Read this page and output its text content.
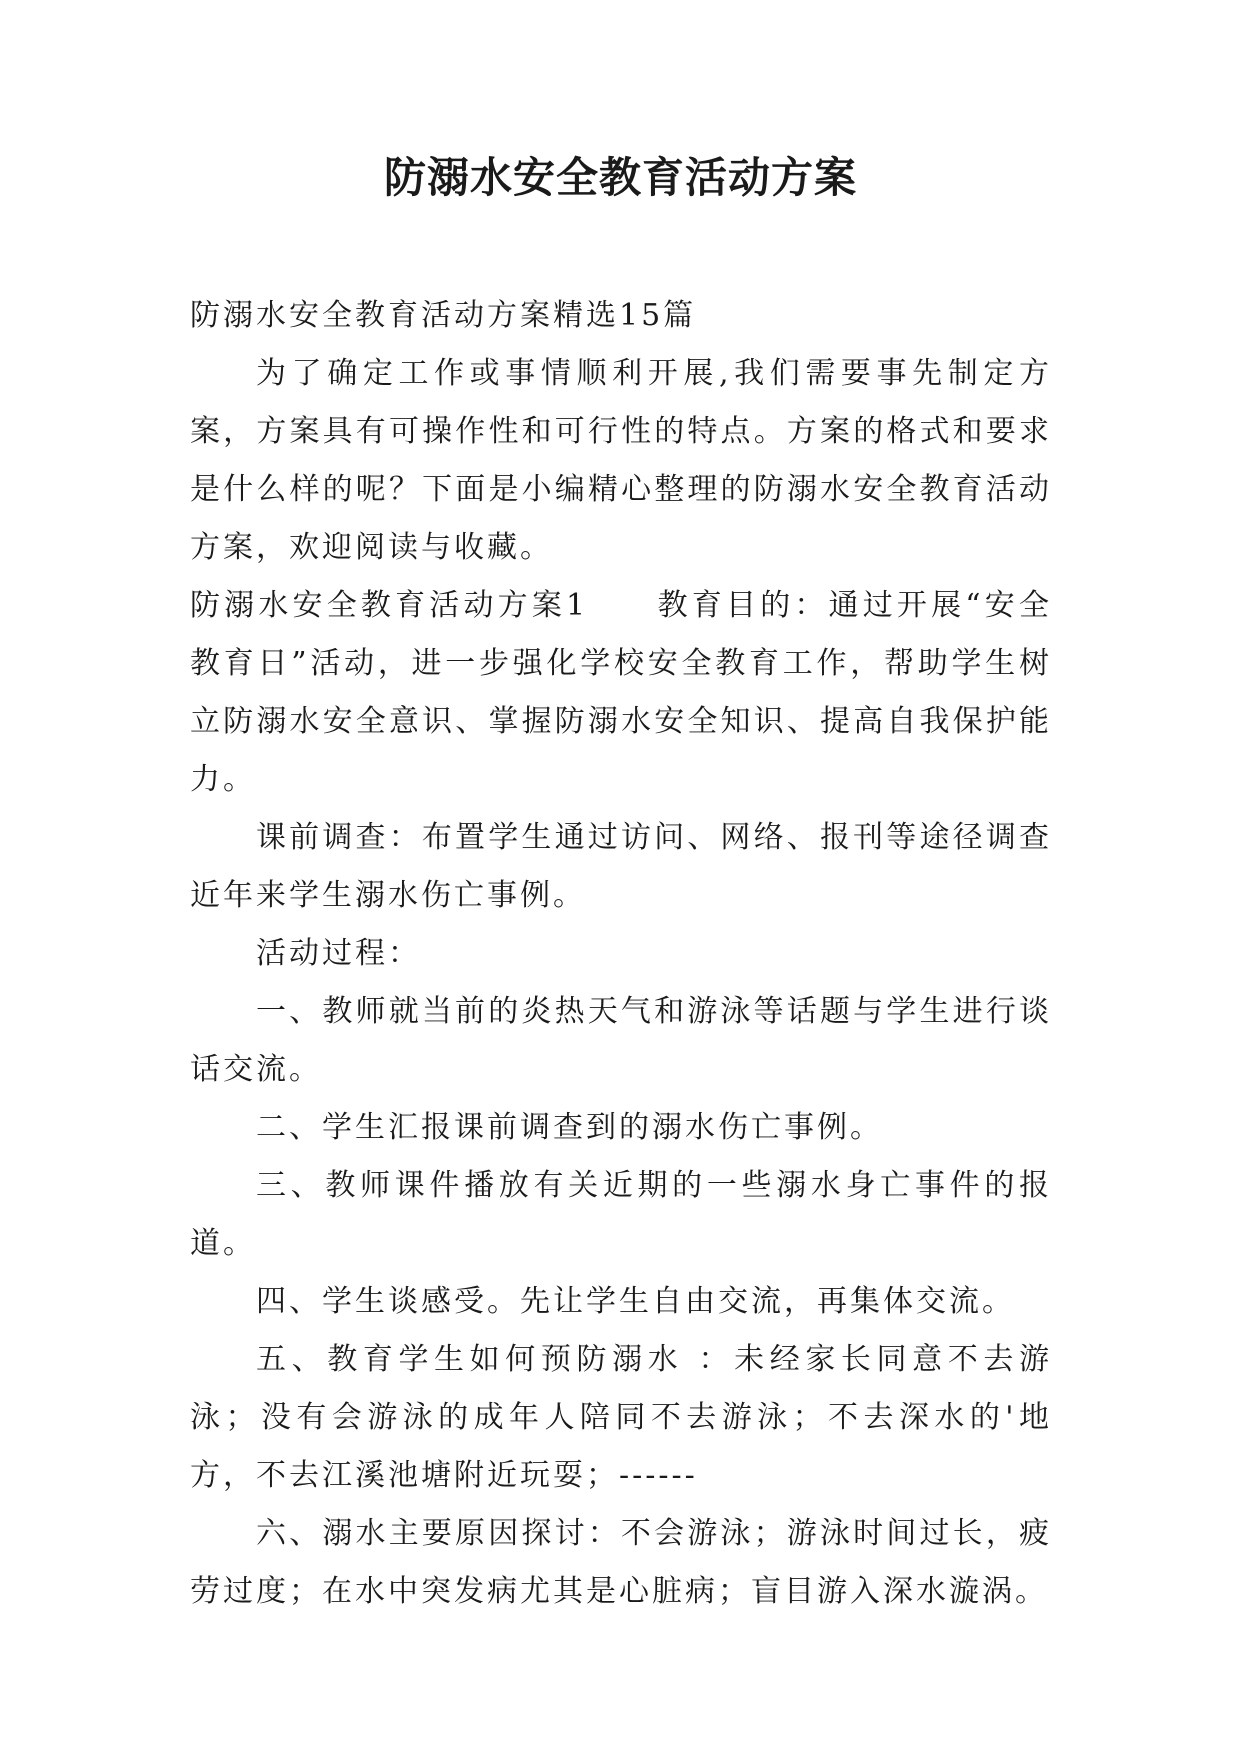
防溺水安全教育活动方案

防溺水安全教育活动方案精选15篇

为了确定工作或事情顺利开展,我们需要事先制定方案，方案具有可操作性和可行性的特点。方案的格式和要求是什么样的呢？下面是小编精心整理的防溺水安全教育活动方案，欢迎阅读与收藏。

防溺水安全教育活动方案1　　教育目的：通过开展“安全教育日”活动，进一步强化学校安全教育工作，帮助学生树立防溺水安全意识、掌握防溺水安全知识、提高自我保护能力。

课前调查：布置学生通过访问、网络、报刊等途径调查近年来学生溺水伤亡事例。

活动过程：

一、教师就当前的炎热天气和游泳等话题与学生进行谈话交流。

二、学生汇报课前调查到的溺水伤亡事例。

三、教师课件播放有关近期的一些溺水身亡事件的报道。

四、学生谈感受。先让学生自由交流，再集体交流。

五、教育学生如何预防溺水 ：未经家长同意不去游泳；没有会游泳的成年人陪同不去游泳；不去深水的'地方，不去江溪池塘附近玩耍；------

六、溺水主要原因探讨：不会游泳；游泳时间过长，疲劳过度；在水中突发病尤其是心脏病；盲目游入深水漩涡。
